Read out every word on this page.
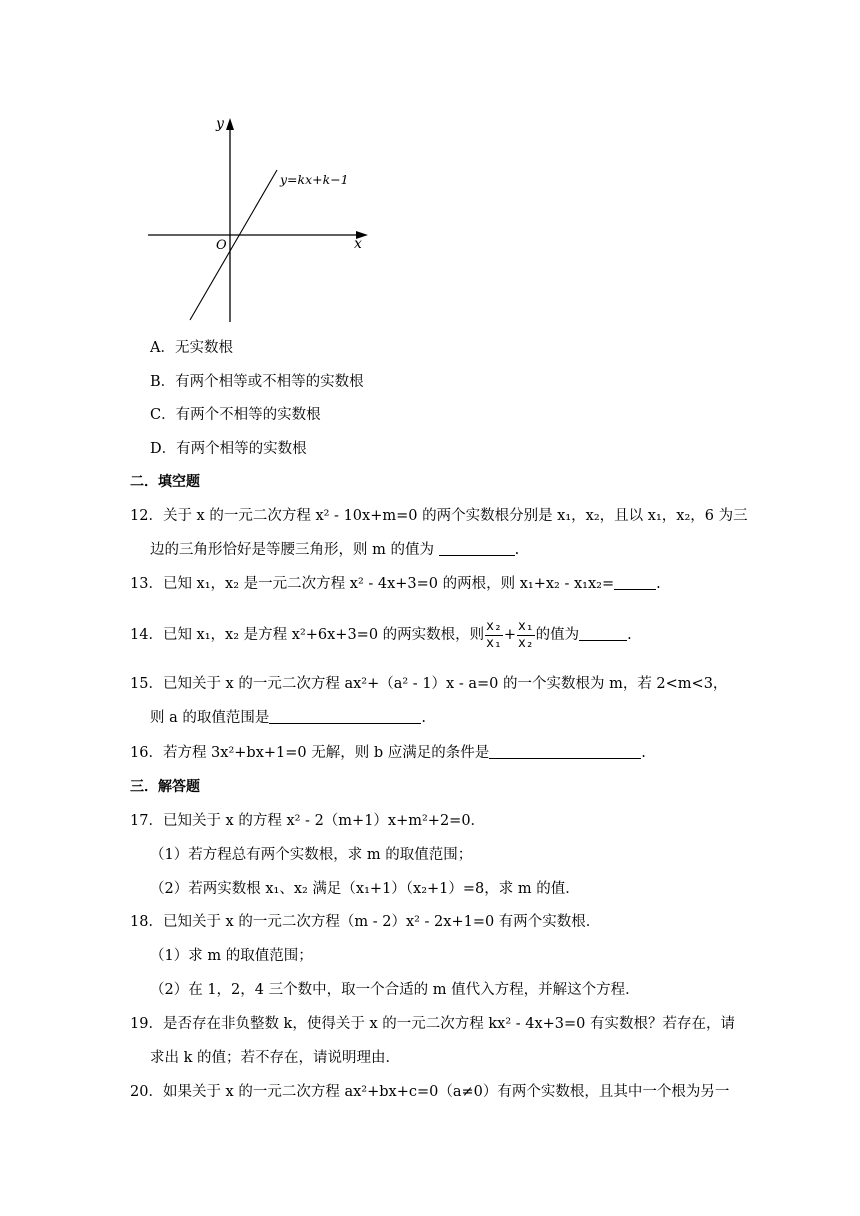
y
x
O
y=kx+k−1
A．无实数根
B．有两个相等或不相等的实数根
C．有两个不相等的实数根
D．有两个相等的实数根
二．填空题
12．关于 x 的一元二次方程 x² - 10x+m=0 的两个实数根分别是 x₁，x₂，且以 x₁，x₂，6 为三
边的三角形恰好是等腰三角形，则 m 的值为	.
13．已知 x₁，x₂ 是一元二次方程 x² - 4x+3=0 的两根，则 x₁+x₂ - x₁x₂=	.
14．已知 x₁，x₂ 是方程 x²+6x+3=0 的两实数根，则 $\frac{\text{x₂}}{\text{x₁}} + \frac{\text{x₁}}{\text{x₂}}$ 的值为	.
15．已知关于 x 的一元二次方程 ax²+（a² - 1）x - a=0 的一个实数根为 m，若 2<m<3，
则 a 的取值范围是	.
16．若方程 3x²+bx+1=0 无解，则 b 应满足的条件是	.
三．解答题
17．已知关于 x 的方程 x² - 2（m+1）x+m²+2=0．
（1）若方程总有两个实数根，求 m 的取值范围；
（2）若两实数根 x₁、x₂ 满足（x₁+1）（x₂+1）=8，求 m 的值．
18．已知关于 x 的一元二次方程（m - 2）x² - 2x+1=0 有两个实数根．
（1）求 m 的取值范围；
（2）在 1，2，4 三个数中，取一个合适的 m 值代入方程，并解这个方程．
19．是否存在非负整数 k，使得关于 x 的一元二次方程 kx² - 4x+3=0 有实数根？若存在，请
求出 k 的值；若不存在，请说明理由．
20．如果关于 x 的一元二次方程 ax²+bx+c=0（a≠0）有两个实数根，且其中一个根为另一
